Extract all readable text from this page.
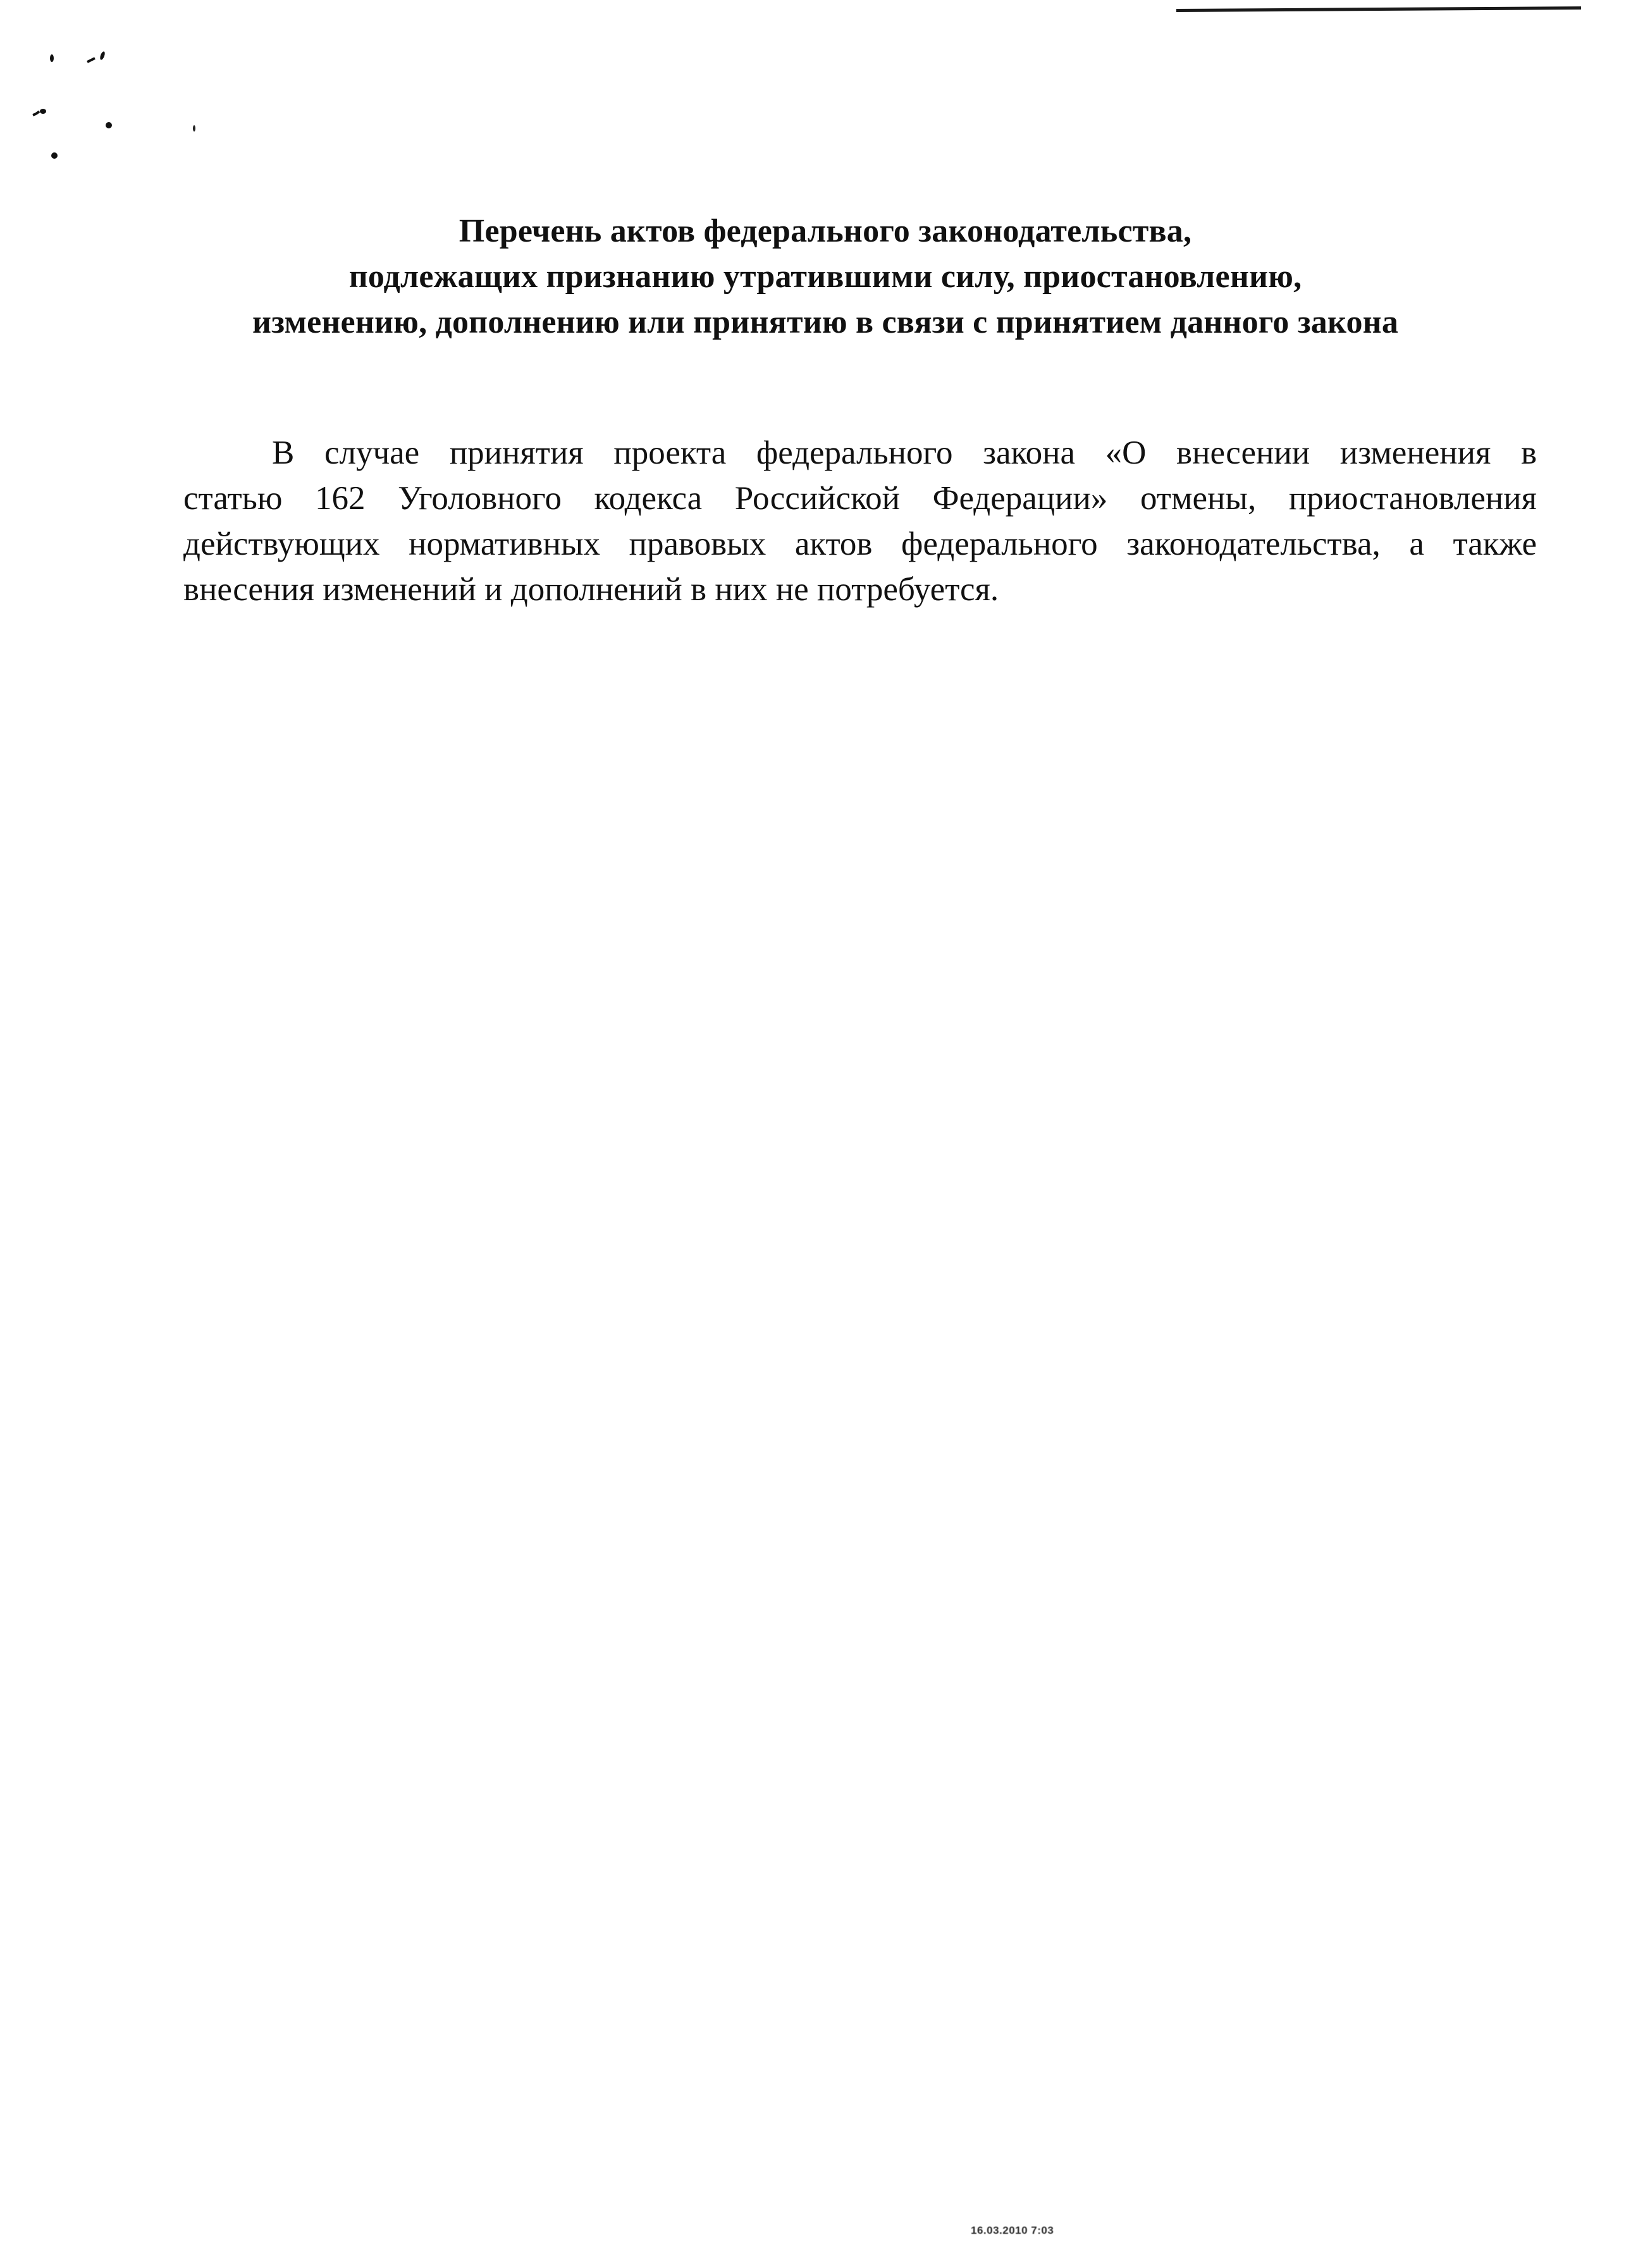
Перечень актов федерального законодательства,
подлежащих признанию утратившими силу, приостановлению,
изменению, дополнению или принятию в связи с принятием данного закона
В случае принятия проекта федерального закона «О внесении изменения в
статью 162 Уголовного кодекса Российской Федерации» отмены, приостановления
действующих нормативных правовых актов федерального законодательства, а также
внесения изменений и дополнений в них не потребуется.
16.03.2010 7:03
